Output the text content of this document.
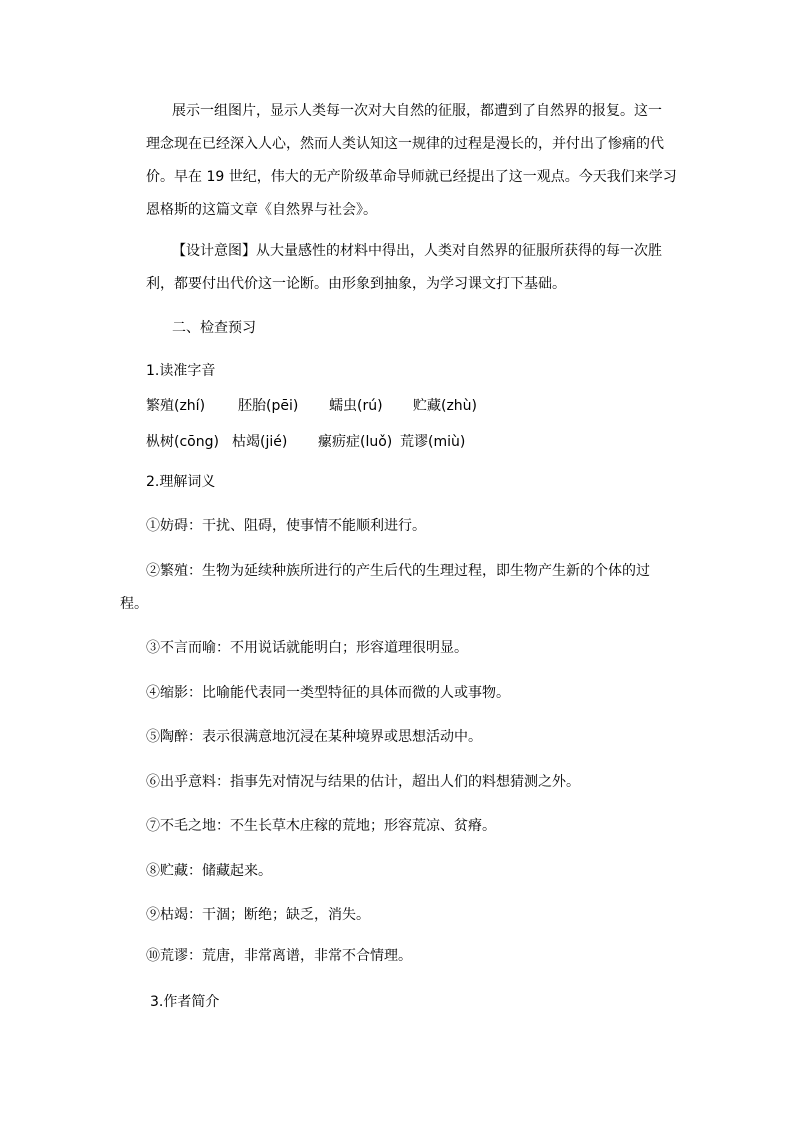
展示一组图片，显示人类每一次对大自然的征服，都遭到了自然界的报复。这一

理念现在已经深入人心，然而人类认知这一规律的过程是漫长的，并付出了惨痛的代

价。早在 19 世纪，伟大的无产阶级革命导师就已经提出了这一观点。今天我们来学习

恩格斯的这篇文章《自然界与社会》。

【设计意图】从大量感性的材料中得出，人类对自然界的征服所获得的每一次胜

利，都要付出代价这一论断。由形象到抽象，为学习课文打下基础。

二、检查预习

1.读准字音

繁殖(zhí) 胚胎(pēi) 蠕虫(rú) 贮藏(zhù)

枞树(cōng) 枯竭(jié) 瘰疬症(luǒ) 荒谬(miù)

2.理解词义

①妨碍：干扰、阻碍，使事情不能顺利进行。

②繁殖：生物为延续种族所进行的产生后代的生理过程，即生物产生新的个体的过

程。

③不言而喻：不用说话就能明白；形容道理很明显。

④缩影：比喻能代表同一类型特征的具体而微的人或事物。

⑤陶醉：表示很满意地沉浸在某种境界或思想活动中。

⑥出乎意料：指事先对情况与结果的估计，超出人们的料想猜测之外。

⑦不毛之地：不生长草木庄稼的荒地；形容荒凉、贫瘠。

⑧贮藏：储藏起来。

⑨枯竭：干涸；断绝；缺乏，消失。

⑩荒谬：荒唐，非常离谱，非常不合情理。

3.作者简介
